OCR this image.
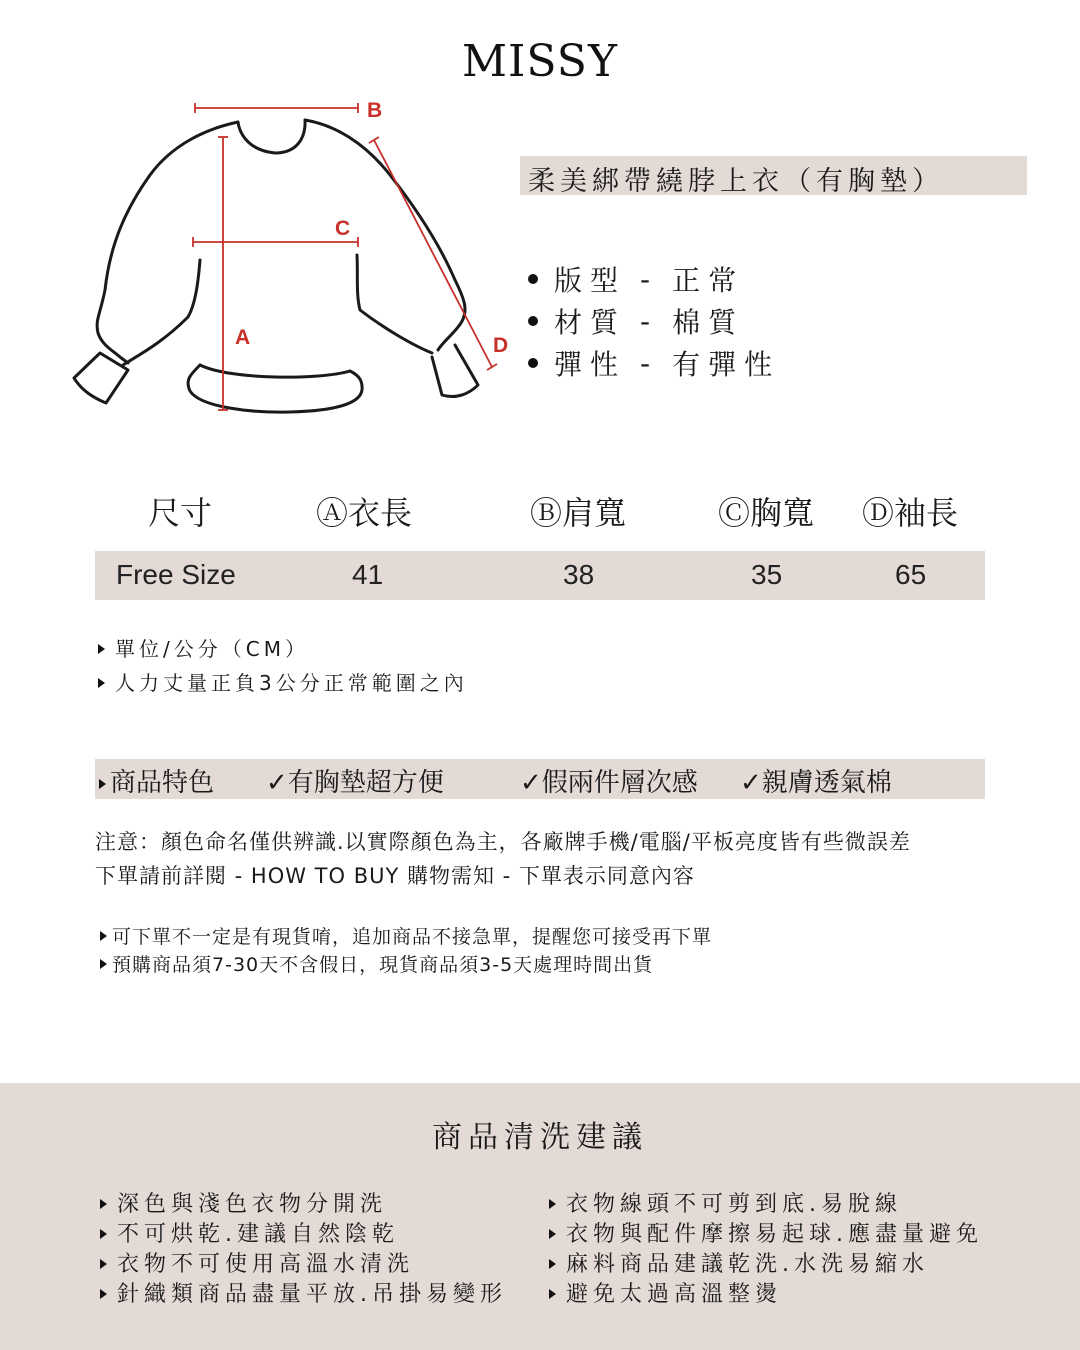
MISSY
A
B
C
D
柔美綁帶繞脖上衣（有胸墊）
版型 - 正常
材質 - 棉質
彈性 - 有彈性
尺寸	Ⓐ衣長	Ⓑ肩寬	Ⓒ胸寬 Ⓓ袖長
Free Size	41	38	35	65
單位/公分（CM）
人力丈量正負3公分正常範圍之內
商品特色 ✓有胸墊超方便	✓假兩件層次感 ✓親膚透氣棉
注意：顏色命名僅供辨識.以實際顏色為主，各廠牌手機/電腦/平板亮度皆有些微誤差
下單請前詳閱 - HOW TO BUY 購物需知 - 下單表示同意內容
可下單不一定是有現貨唷，追加商品不接急單，提醒您可接受再下單
預購商品須7-30天不含假日，現貨商品須3-5天處理時間出貨
商品清洗建議
深色與淺色衣物分開洗
不可烘乾.建議自然陰乾
衣物不可使用高溫水清洗
針織類商品盡量平放.吊掛易變形
衣物線頭不可剪到底.易脫線
衣物與配件摩擦易起球.應盡量避免
麻料商品建議乾洗.水洗易縮水
避免太過高溫整燙
